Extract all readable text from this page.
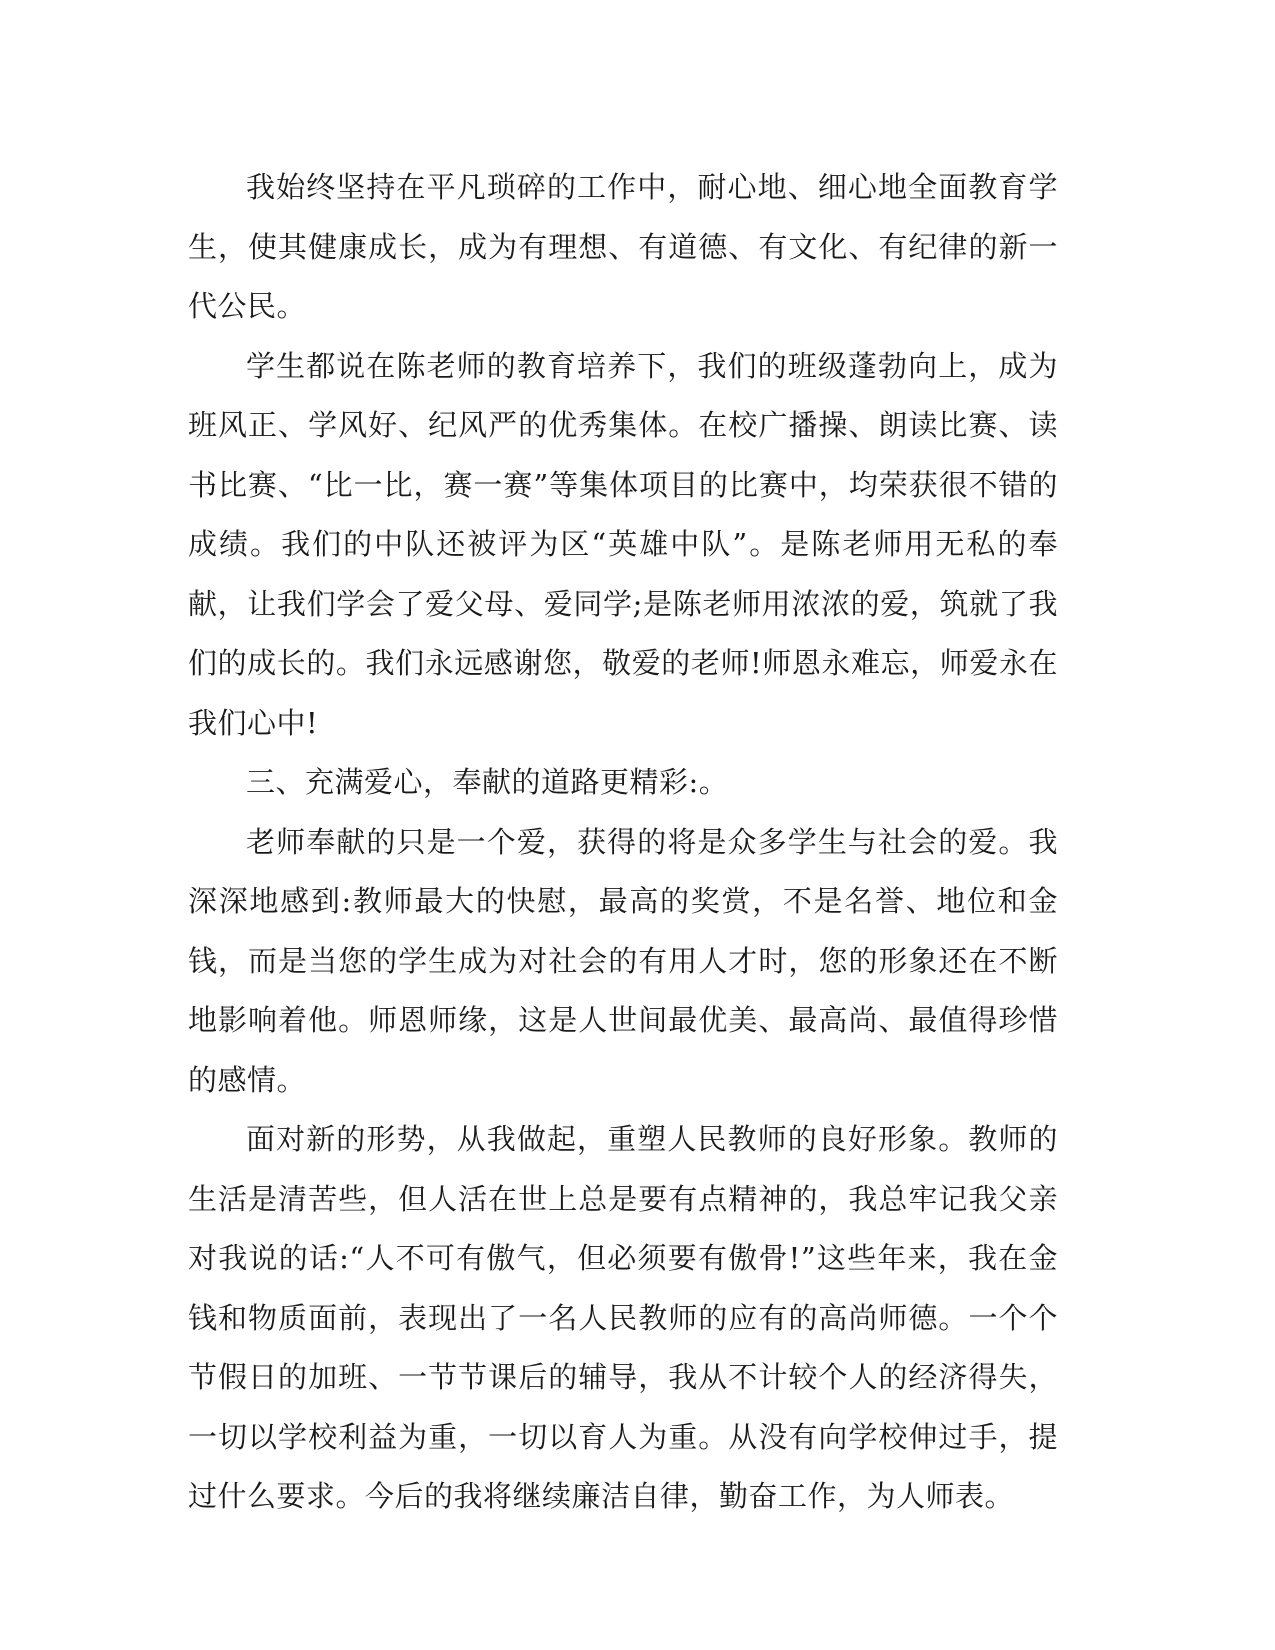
我始终坚持在平凡琐碎的工作中，耐心地、细心地全面教育学生，使其健康成长，成为有理想、有道德、有文化、有纪律的新一代公民。

学生都说在陈老师的教育培养下，我们的班级蓬勃向上，成为班风正、学风好、纪风严的优秀集体。在校广播操、朗读比赛、读书比赛、“比一比，赛一赛”等集体项目的比赛中，均荣获很不错的成绩。我们的中队还被评为区“英雄中队”。是陈老师用无私的奉献，让我们学会了爱父母、爱同学;是陈老师用浓浓的爱，筑就了我们的成长的。我们永远感谢您，敬爱的老师!师恩永难忘，师爱永在我们心中!

三、充满爱心，奉献的道路更精彩:。

老师奉献的只是一个爱，获得的将是众多学生与社会的爱。我深深地感到:教师最大的快慰，最高的奖赏，不是名誉、地位和金钱，而是当您的学生成为对社会的有用人才时，您的形象还在不断地影响着他。师恩师缘，这是人世间最优美、最高尚、最值得珍惜的感情。

面对新的形势，从我做起，重塑人民教师的良好形象。教师的生活是清苦些，但人活在世上总是要有点精神的，我总牢记我父亲对我说的话:“人不可有傲气，但必须要有傲骨!”这些年来，我在金钱和物质面前，表现出了一名人民教师的应有的高尚师德。一个个节假日的加班、一节节课后的辅导，我从不计较个人的经济得失，一切以学校利益为重，一切以育人为重。从没有向学校伸过手，提过什么要求。今后的我将继续廉洁自律，勤奋工作，为人师表。
